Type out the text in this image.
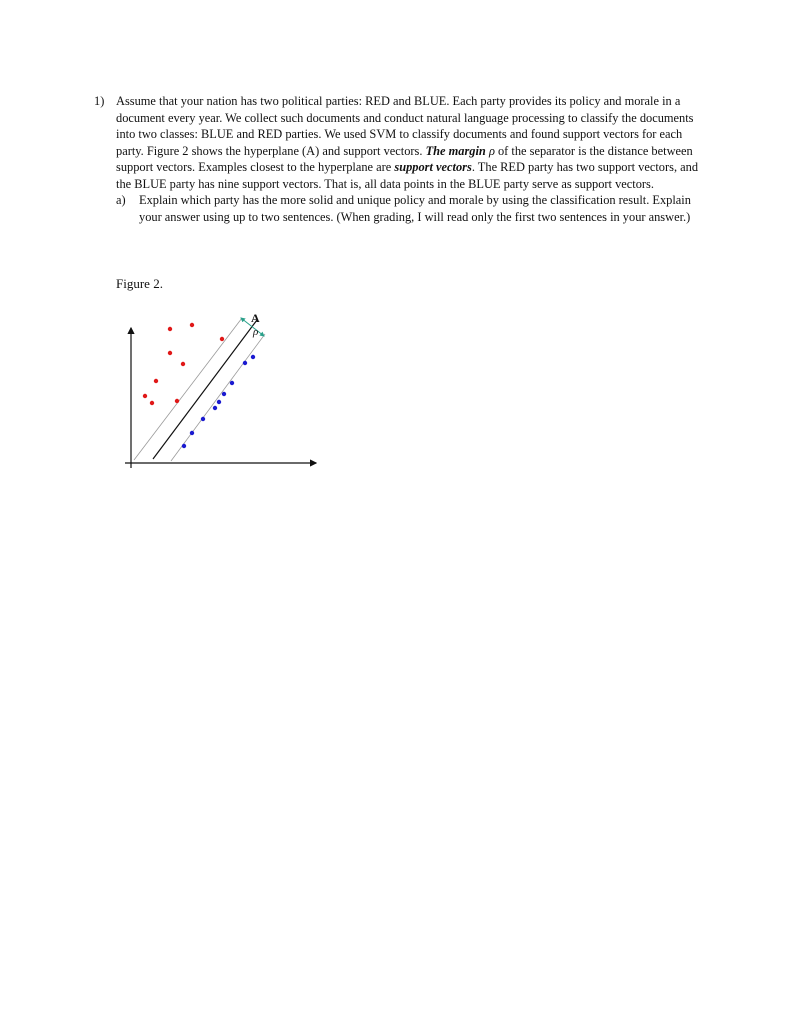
1) Assume that your nation has two political parties: RED and BLUE. Each party provides its policy and morale in a document every year. We collect such documents and conduct natural language processing to classify the documents into two classes: BLUE and RED parties. We used SVM to classify documents and found support vectors for each party. Figure 2 shows the hyperplane (A) and support vectors. The margin ρ of the separator is the distance between support vectors. Examples closest to the hyperplane are support vectors. The RED party has two support vectors, and the BLUE party has nine support vectors. That is, all data points in the BLUE party serve as support vectors.
a)	Explain which party has the more solid and unique policy and morale by using the classification result. Explain your answer using up to two sentences. (When grading, I will read only the first two sentences in your answer.)
Figure 2.
A
ρ
